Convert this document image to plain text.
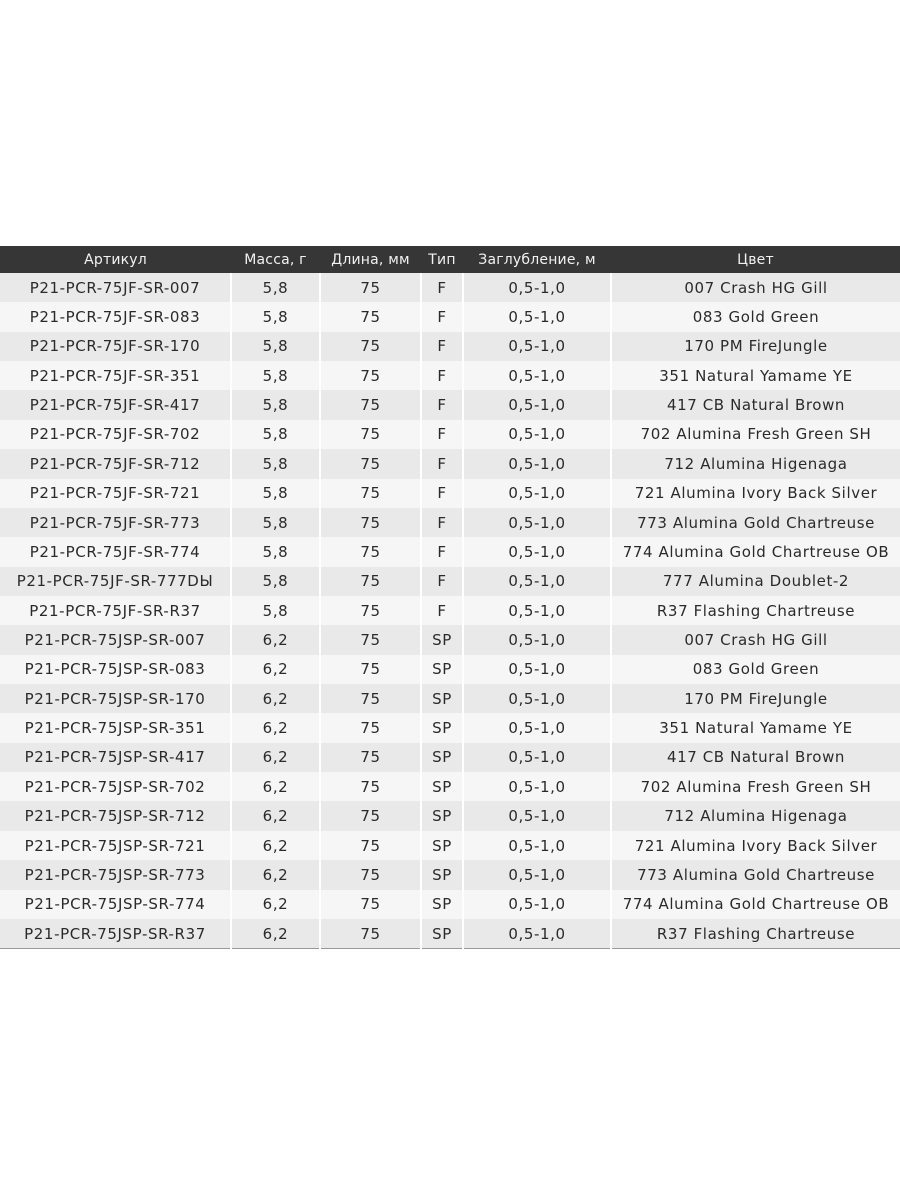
Артикул	Масса, г	Длина, мм	Тип	Заглубление, м	Цвет
P21-PCR-75JF-SR-007	5,8	75	F	0,5-1,0	007 Crash HG Gill
P21-PCR-75JF-SR-083	5,8	75	F	0,5-1,0	083 Gold Green
P21-PCR-75JF-SR-170	5,8	75	F	0,5-1,0	170 PM FireJungle
P21-PCR-75JF-SR-351	5,8	75	F	0,5-1,0	351 Natural Yamame YE
P21-PCR-75JF-SR-417	5,8	75	F	0,5-1,0	417 CB Natural Brown
P21-PCR-75JF-SR-702	5,8	75	F	0,5-1,0	702 Alumina Fresh Green SH
P21-PCR-75JF-SR-712	5,8	75	F	0,5-1,0	712 Alumina Higenaga
P21-PCR-75JF-SR-721	5,8	75	F	0,5-1,0	721 Alumina Ivory Back Silver
P21-PCR-75JF-SR-773	5,8	75	F	0,5-1,0	773 Alumina Gold Chartreuse
P21-PCR-75JF-SR-774	5,8	75	F	0,5-1,0	774 Alumina Gold Chartreuse OB
P21-PCR-75JF-SR-777DЫ	5,8	75	F	0,5-1,0	777 Alumina Doublet-2
P21-PCR-75JF-SR-R37	5,8	75	F	0,5-1,0	R37 Flashing Chartreuse
P21-PCR-75JSP-SR-007	6,2	75	SP	0,5-1,0	007 Crash HG Gill
P21-PCR-75JSP-SR-083	6,2	75	SP	0,5-1,0	083 Gold Green
P21-PCR-75JSP-SR-170	6,2	75	SP	0,5-1,0	170 PM FireJungle
P21-PCR-75JSP-SR-351	6,2	75	SP	0,5-1,0	351 Natural Yamame YE
P21-PCR-75JSP-SR-417	6,2	75	SP	0,5-1,0	417 CB Natural Brown
P21-PCR-75JSP-SR-702	6,2	75	SP	0,5-1,0	702 Alumina Fresh Green SH
P21-PCR-75JSP-SR-712	6,2	75	SP	0,5-1,0	712 Alumina Higenaga
P21-PCR-75JSP-SR-721	6,2	75	SP	0,5-1,0	721 Alumina Ivory Back Silver
P21-PCR-75JSP-SR-773	6,2	75	SP	0,5-1,0	773 Alumina Gold Chartreuse
P21-PCR-75JSP-SR-774	6,2	75	SP	0,5-1,0	774 Alumina Gold Chartreuse OB
P21-PCR-75JSP-SR-R37	6,2	75	SP	0,5-1,0	R37 Flashing Chartreuse
